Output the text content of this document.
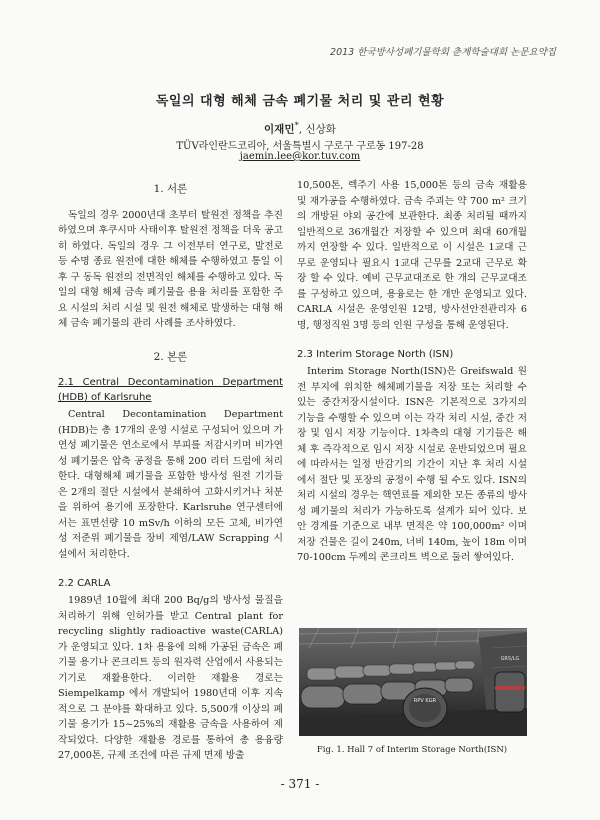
2013 한국방사성폐기물학회 춘계학술대회 논문요약집
독일의 대형 해체 금속 폐기물 처리 및 관리 현황
이재민*, 신상화
TÜV라인란드코리아, 서울특별시 구로구 구로동 197-28
jaemin.lee@kor.tuv.com
1. 서론

독일의 경우 2000년대 초부터 탈원전 정책을 추진하였으며 후쿠시마 사태이후 탈원전 정책을 더욱 공고히 하였다. 독일의 경우 그 이전부터 연구로, 발전로 등 수명 종료 원전에 대한 해체를 수행하였고 통일 이후 구 동독 원전의 전면적인 해체를 수행하고 있다. 독일의 대형 해체 금속 폐기물을 용융 처리를 포함한 주요 시설의 처리 시설 및 원전 해체로 발생하는 대형 해체 금속 폐기물의 관리 사례를 조사하였다.

2. 본론
2.1 Central Decontamination Department (HDB) of Karlsruhe

Central Decontamination Department (HDB)는 총 17개의 운영 시설로 구성되어 있으며 가연성 폐기물은 연소로에서 부피를 저감시키며 비가연성 폐기물은 압축 공정을 통해 200 리터 드럼에 처리한다. 대형해체 폐기물을 포함한 방사성 원전 기기들은 2개의 절단 시설에서 분쇄하여 고화시키거나 처분을 위하여 용기에 포장한다. Karlsruhe 연구센터에서는 표면선량 10 mSv/h 이하의 모든 고체, 비가연성 저준위 폐기물을 장비 제염/LAW Scrapping 시설에서 처리한다.

2.2 CARLA

1989년 10월에 최대 200 Bq/g의 방사성 물질을 처리하기 위해 인허가를 받고 Central plant for recycling slightly radioactive waste(CARLA)가 운영되고 있다. 1차 용융에 의해 가공된 금속은 폐기물 용기나 콘크리트 등의 원자력 산업에서 사용되는 기기로 재활용한다. 이러한 재활용 경로는 Siempelkamp 에서 개발되어 1980년대 이후 지속적으로 그 분야를 확대하고 있다. 5,500개 이상의 폐기물 용기가 15~25%의 재활용 금속을 사용하여 제작되었다. 다양한 재활용 경로를 통하여 총 용융량 27,000톤, 규제 조건에 따른 규제 면제 방출

10,500톤, 렉주기 사용 15,000톤 등의 금속 재활용 및 재가공을 수행하였다. 금속 주괴는 약 700 m² 크기의 개방된 야외 공간에 보관한다. 최종 처리될 때까지 일반적으로 36개월간 저장할 수 있으며 최대 60개월까지 연장할 수 있다. 일반적으로 이 시설은 1교대 근무로 운영되나 필요시 1교대 근무를 2교대 근무로 확장 할 수 있다. 예비 근무교대조로 한 개의 근무교대조를 구성하고 있으며, 용융로는 한 개만 운영되고 있다. CARLA 시설은 운영인원 12명, 방사선안전관리자 6명, 행정직원 3명 등의 인원 구성을 통해 운영된다.

2.3 Interim Storage North (ISN)

Interim Storage North(ISN)은 Greifswald 원전 부지에 위치한 해체폐기물을 저장 또는 처리할 수 있는 중간저장시설이다. ISN은 기본적으로 3가지의 기능을 수행할 수 있으며 이는 각각 처리 시설, 중간 저장 및 임시 저장 기능이다. 1차측의 대형 기기들은 해체 후 즉각적으로 임시 저장 시설로 운반되었으며 필요에 따라서는 일정 반감기의 기간이 지난 후 처리 시설에서 절단 및 포장의 공정이 수행 될 수도 있다. ISN의 처리 시설의 경우는 핵연료를 제외한 모든 종류의 방사성 폐기물의 처리가 가능하도록 설계가 되어 있다. 보안 경계를 기준으로 내부 면적은 약 100,000m² 이며 저장 건물은 길이 240m, 너비 140m, 높이 18m 이며 70-100cm 두께의 콘크리트 벽으로 둘러 쌓여있다.

GRS/LG
RPV KGR
Fig. 1. Hall 7 of Interim Storage North(ISN)
- 371 -
